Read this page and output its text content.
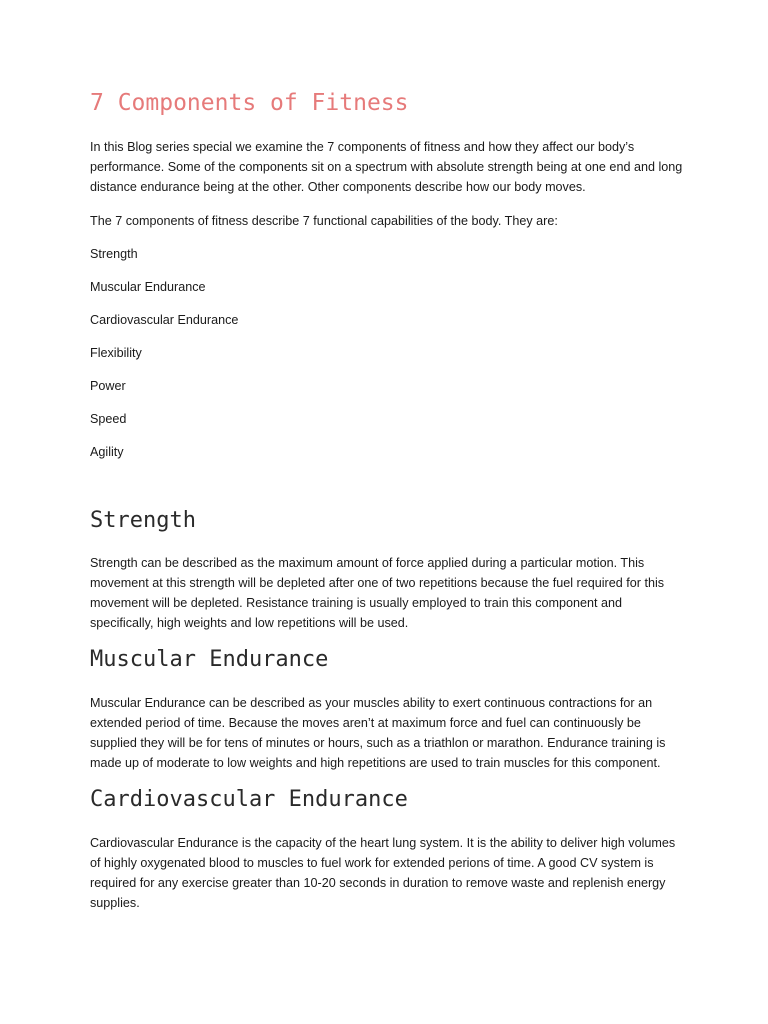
7 Components of Fitness

In this Blog series special we examine the 7 components of fitness and how they affect our body’s performance. Some of the components sit on a spectrum with absolute strength being at one end and long distance endurance being at the other. Other components describe how our body moves.

The 7 components of fitness describe 7 functional capabilities of the body. They are:

Strength
Muscular Endurance
Cardiovascular Endurance
Flexibility
Power
Speed
Agility
Strength

Strength can be described as the maximum amount of force applied during a particular motion. This movement at this strength will be depleted after one of two repetitions because the fuel required for this movement will be depleted. Resistance training is usually employed to train this component and specifically, high weights and low repetitions will be used.

Muscular Endurance

Muscular Endurance can be described as your muscles ability to exert continuous contractions for an extended period of time. Because the moves aren’t at maximum force and fuel can continuously be supplied they will be for tens of minutes or hours, such as a triathlon or marathon. Endurance training is made up of moderate to low weights and high repetitions are used to train muscles for this component.

Cardiovascular Endurance

Cardiovascular Endurance is the capacity of the heart lung system. It is the ability to deliver high volumes of highly oxygenated blood to muscles to fuel work for extended perions of time. A good CV system is required for any exercise greater than 10-20 seconds in duration to remove waste and replenish energy supplies.
